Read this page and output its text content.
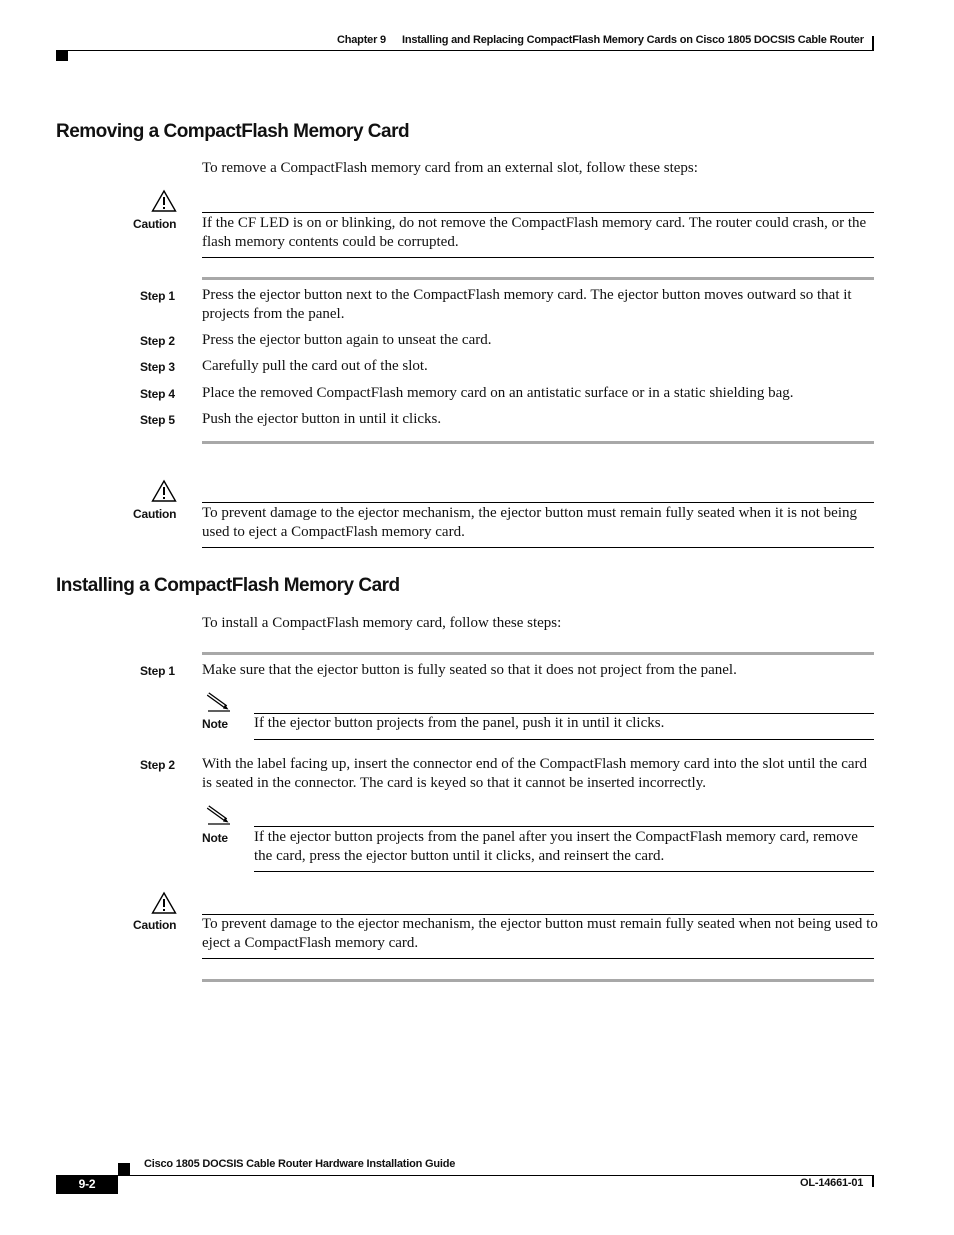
Chapter 9 Installing and Replacing CompactFlash Memory Cards on Cisco 1805 DOCSIS Cable Router
Removing a CompactFlash Memory Card
To remove a CompactFlash memory card from an external slot, follow these steps:
Caution If the CF LED is on or blinking, do not remove the CompactFlash memory card. The router could crash, or the flash memory contents could be corrupted.
Step 1 Press the ejector button next to the CompactFlash memory card. The ejector button moves outward so that it projects from the panel.
Step 2 Press the ejector button again to unseat the card.
Step 3 Carefully pull the card out of the slot.
Step 4 Place the removed CompactFlash memory card on an antistatic surface or in a static shielding bag.
Step 5 Push the ejector button in until it clicks.
Caution To prevent damage to the ejector mechanism, the ejector button must remain fully seated when it is not being used to eject a CompactFlash memory card.
Installing a CompactFlash Memory Card
To install a CompactFlash memory card, follow these steps:
Step 1 Make sure that the ejector button is fully seated so that it does not project from the panel.
Note If the ejector button projects from the panel, push it in until it clicks.
Step 2 With the label facing up, insert the connector end of the CompactFlash memory card into the slot until the card is seated in the connector. The card is keyed so that it cannot be inserted incorrectly.
Note If the ejector button projects from the panel after you insert the CompactFlash memory card, remove the card, press the ejector button until it clicks, and reinsert the card.
Caution To prevent damage to the ejector mechanism, the ejector button must remain fully seated when not being used to eject a CompactFlash memory card.
Cisco 1805 DOCSIS Cable Router Hardware Installation Guide
9-2	OL-14661-01
